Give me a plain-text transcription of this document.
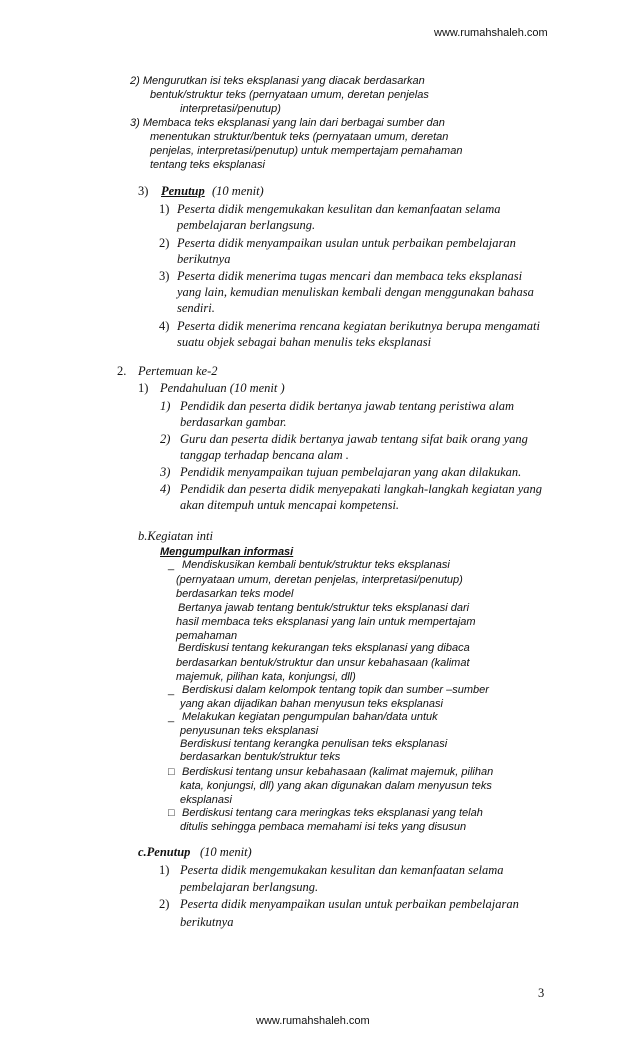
www.rumahshaleh.com
2) Mengurutkan isi teks eksplanasi yang diacak berdasarkan
bentuk/struktur teks (pernyataan umum, deretan penjelas
interpretasi/penutup)
3) Membaca teks eksplanasi yang lain dari berbagai sumber dan
menentukan struktur/bentuk teks (pernyataan umum, deretan
penjelas, interpretasi/penutup) untuk mempertajam pemahaman
tentang teks eksplanasi
3) Penutup (10 menit)
1) Peserta didik mengemukakan kesulitan dan kemanfaatan selama
pembelajaran berlangsung.
2) Peserta didik menyampaikan usulan untuk perbaikan pembelajaran
berikutnya
3) Peserta didik menerima tugas mencari dan membaca teks eksplanasi
yang lain, kemudian menuliskan kembali dengan menggunakan bahasa
sendiri.
4) Peserta didik menerima rencana kegiatan berikutnya berupa mengamati
suatu objek sebagai bahan menulis teks eksplanasi
2. Pertemuan ke-2
1) Pendahuluan (10 menit )
1) Pendidik dan peserta didik bertanya jawab tentang peristiwa alam
berdasarkan gambar.
2) Guru dan peserta didik bertanya jawab tentang sifat baik orang yang
tanggap terhadap bencana alam .
3) Pendidik menyampaikan tujuan pembelajaran yang akan dilakukan.
4) Pendidik dan peserta didik menyepakati langkah-langkah kegiatan yang
akan ditempuh untuk mencapai kompetensi.
b.Kegiatan inti
Mengumpulkan informasi
_ Mendiskusikan kembali bentuk/struktur teks eksplanasi
(pernyataan umum, deretan penjelas, interpretasi/penutup)
berdasarkan teks model
Bertanya jawab tentang bentuk/struktur teks eksplanasi dari
hasil membaca teks eksplanasi yang lain untuk mempertajam
pemahaman
Berdiskusi tentang kekurangan teks eksplanasi yang dibaca
berdasarkan bentuk/struktur dan unsur kebahasaan (kalimat
majemuk, pilihan kata, konjungsi, dll)
_ Berdiskusi dalam kelompok tentang topik dan sumber –sumber
yang akan dijadikan bahan menyusun teks eksplanasi
_ Melakukan kegiatan pengumpulan bahan/data untuk
penyusunan teks eksplanasi
Berdiskusi tentang kerangka penulisan teks eksplanasi
berdasarkan bentuk/struktur teks
□ Berdiskusi tentang unsur kebahasaan (kalimat majemuk, pilihan
kata, konjungsi, dll) yang akan digunakan dalam menyusun teks
eksplanasi
□ Berdiskusi tentang cara meringkas teks eksplanasi yang telah
ditulis sehingga pembaca memahami isi teks yang disusun
c.Penutup (10 menit)
1) Peserta didik mengemukakan kesulitan dan kemanfaatan selama
pembelajaran berlangsung.
2) Peserta didik menyampaikan usulan untuk perbaikan pembelajaran
berikutnya
3
www.rumahshaleh.com
